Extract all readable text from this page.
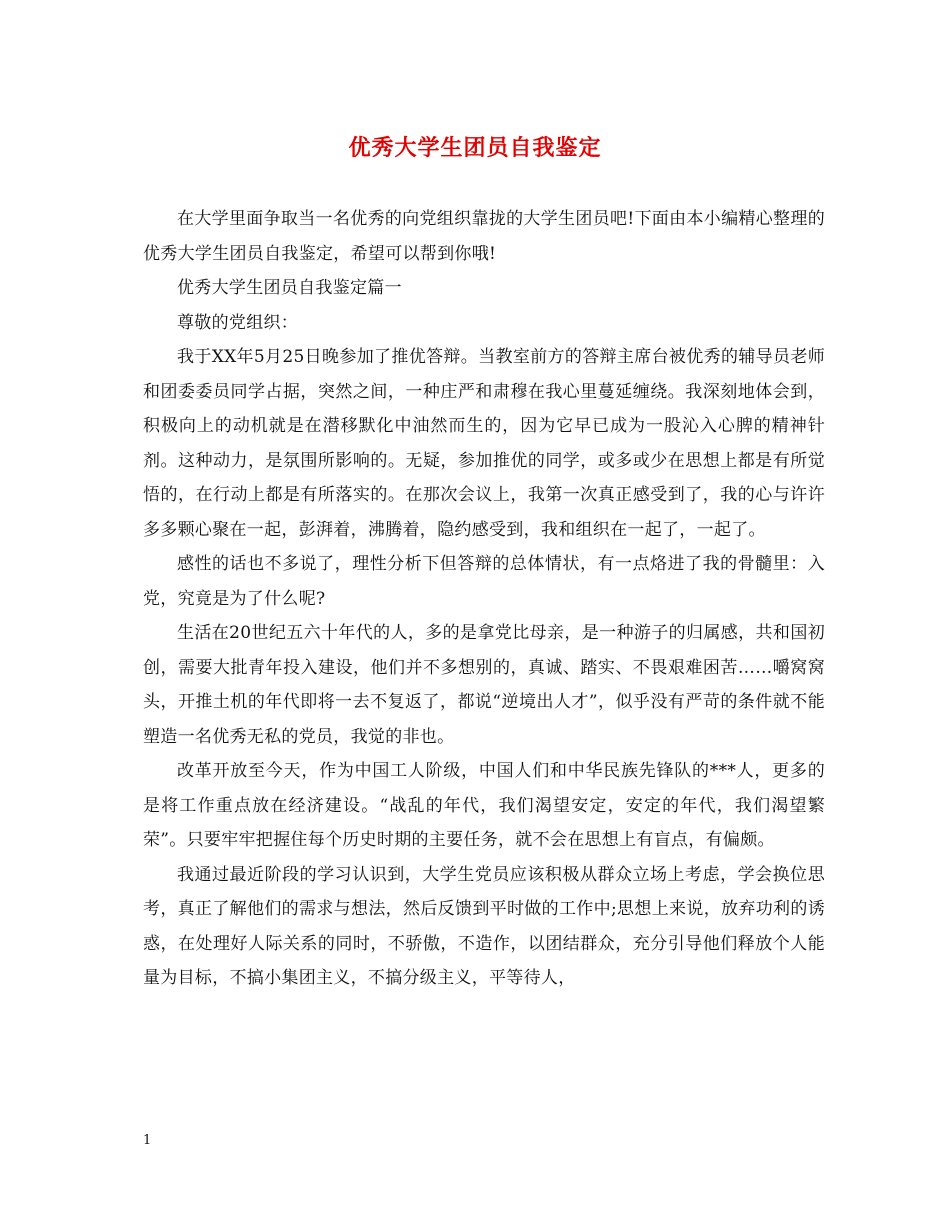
优秀大学生团员自我鉴定

在大学里面争取当一名优秀的向党组织靠拢的大学生团员吧!下面由本小编精心整理的优秀大学生团员自我鉴定，希望可以帮到你哦!

优秀大学生团员自我鉴定篇一

尊敬的党组织：

我于XX年5月25日晚参加了推优答辩。当教室前方的答辩主席台被优秀的辅导员老师和团委委员同学占据，突然之间，一种庄严和肃穆在我心里蔓延缠绕。我深刻地体会到，积极向上的动机就是在潜移默化中油然而生的，因为它早已成为一股沁入心脾的精神针剂。这种动力，是氛围所影响的。无疑，参加推优的同学，或多或少在思想上都是有所觉悟的，在行动上都是有所落实的。在那次会议上，我第一次真正感受到了，我的心与许许多多颗心聚在一起，彭湃着，沸腾着，隐约感受到，我和组织在一起了，一起了。

感性的话也不多说了，理性分析下但答辩的总体情状，有一点烙进了我的骨髓里：入党，究竟是为了什么呢?

生活在20世纪五六十年代的人，多的是拿党比母亲，是一种游子的归属感，共和国初创，需要大批青年投入建设，他们并不多想别的，真诚、踏实、不畏艰难困苦……嚼窝窝头，开推土机的年代即将一去不复返了，都说“逆境出人才”，似乎没有严苛的条件就不能塑造一名优秀无私的党员，我觉的非也。

改革开放至今天，作为中国工人阶级，中国人们和中华民族先锋队的***人，更多的是将工作重点放在经济建设。“战乱的年代，我们渴望安定，安定的年代，我们渴望繁荣”。只要牢牢把握住每个历史时期的主要任务，就不会在思想上有盲点，有偏颇。

我通过最近阶段的学习认识到，大学生党员应该积极从群众立场上考虑，学会换位思考，真正了解他们的需求与想法，然后反馈到平时做的工作中;思想上来说，放弃功利的诱惑，在处理好人际关系的同时，不骄傲，不造作，以团结群众，充分引导他们释放个人能量为目标，不搞小集团主义，不搞分级主义，平等待人，

1
